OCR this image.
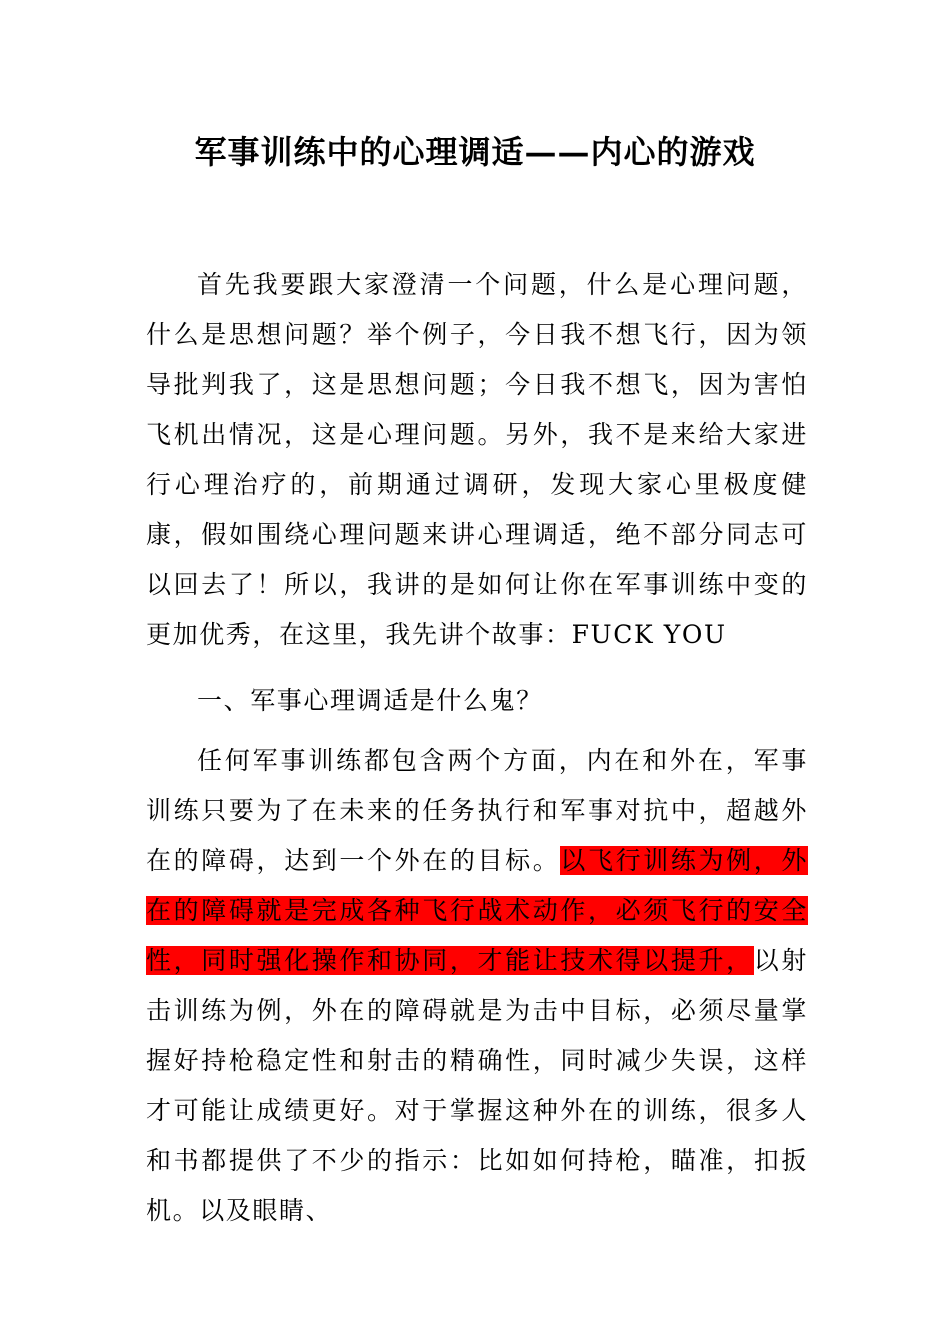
军事训练中的心理调适——内心的游戏

首先我要跟大家澄清一个问题，什么是心理问题，什么是思想问题？举个例子，今日我不想飞行，因为领导批判我了，这是思想问题；今日我不想飞，因为害怕飞机出情况，这是心理问题。另外，我不是来给大家进行心理治疗的，前期通过调研，发现大家心里极度健康，假如围绕心理问题来讲心理调适，绝不部分同志可以回去了！所以，我讲的是如何让你在军事训练中变的更加优秀，在这里，我先讲个故事：FUCK YOU

一、军事心理调适是什么鬼？

任何军事训练都包含两个方面，内在和外在，军事训练只要为了在未来的任务执行和军事对抗中，超越外在的障碍，达到一个外在的目标。以飞行训练为例，外在的障碍就是完成各种飞行战术动作，必须飞行的安全性，同时强化操作和协同，才能让技术得以提升，以射击训练为例，外在的障碍就是为击中目标，必须尽量掌握好持枪稳定性和射击的精确性，同时减少失误，这样才可能让成绩更好。对于掌握这种外在的训练，很多人和书都提供了不少的指示：比如如何持枪，瞄准，扣扳机。以及眼睛、
